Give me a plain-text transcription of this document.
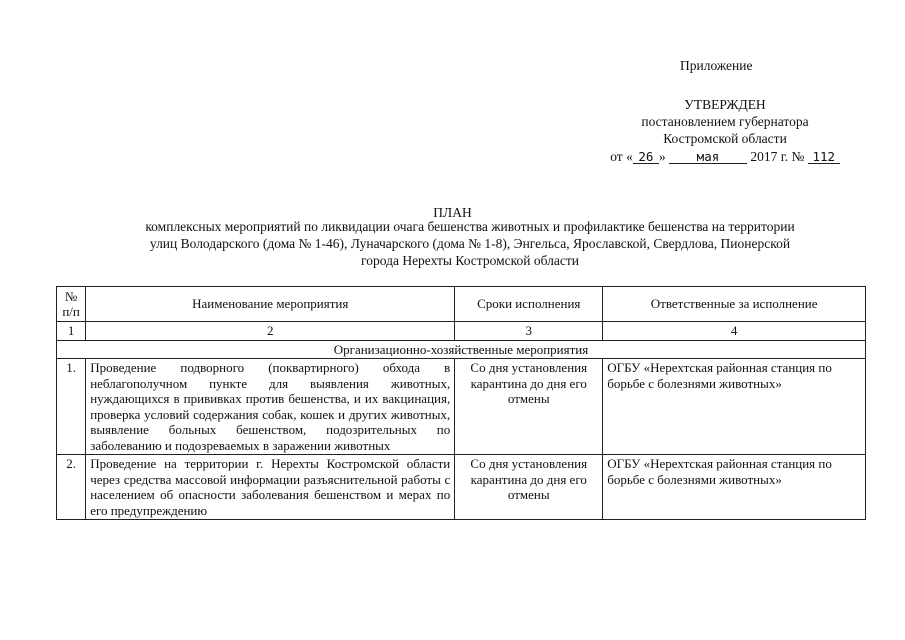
Приложение
УТВЕРЖДЕН
постановлением губернатора
Костромской области
от « 26 » мая 2017 г. № 112
ПЛАН
комплексных мероприятий по ликвидации очага бешенства животных и профилактике бешенства на территории
улиц Володарского (дома № 1-46), Луначарского (дома № 1-8), Энгельса, Ярославской, Свердлова, Пионерской
города Нерехты Костромской области
№ п/п	Наименование мероприятия	Сроки исполнения	Ответственные за исполнение
1	2	3	4
Организационно-хозяйственные мероприятия			
1.	Проведение подворного (поквартирного) обхода в неблагополучном пункте для выявления животных, нуждающихся в прививках против бешенства, и их вакцинация, проверка условий содержания собак, кошек и других животных, выявление больных бешенством, подозрительных по заболеванию и подозреваемых в заражении животных	Со дня установления карантина до дня его отмены	ОГБУ «Нерехтская районная станция по борьбе с болезнями животных»
2.	Проведение на территории г. Нерехты Костромской области через средства массовой информации разъяснительной работы с населением об опасности заболевания бешенством и мерах по его предупреждению	Со дня установления карантина до дня его отмены	ОГБУ «Нерехтская районная станция по борьбе с болезнями животных»
